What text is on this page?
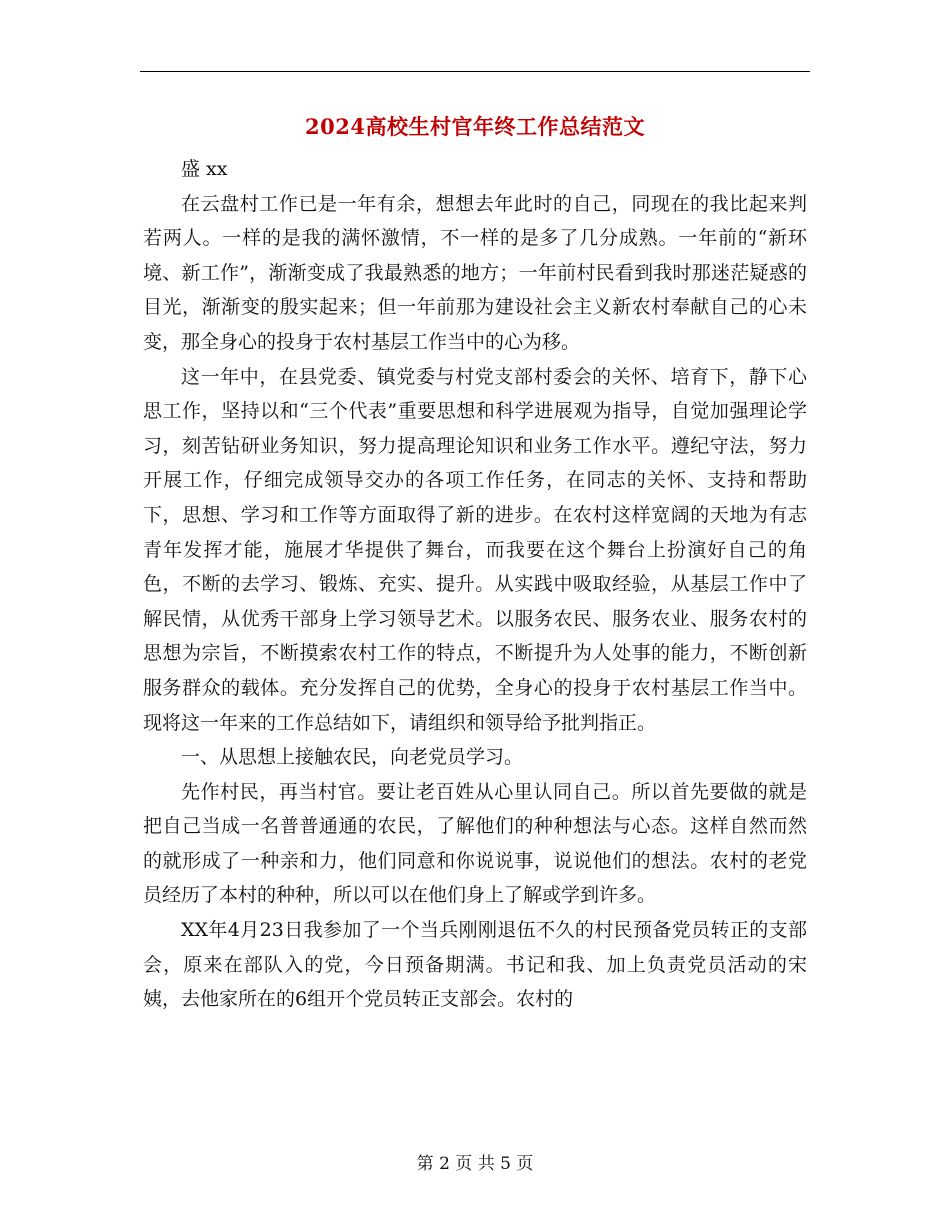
2024高校生村官年终工作总结范文

盛 xx

在云盘村工作已是一年有余，想想去年此时的自己，同现在的我比起来判若两人。一样的是我的满怀激情，不一样的是多了几分成熟。一年前的“新环境、新工作”，渐渐变成了我最熟悉的地方；一年前村民看到我时那迷茫疑惑的目光，渐渐变的殷实起来；但一年前那为建设社会主义新农村奉献自己的心未变，那全身心的投身于农村基层工作当中的心为移。

这一年中，在县党委、镇党委与村党支部村委会的关怀、培育下，静下心思工作，坚持以和“三个代表”重要思想和科学进展观为指导，自觉加强理论学习，刻苦钻研业务知识，努力提高理论知识和业务工作水平。遵纪守法，努力开展工作，仔细完成领导交办的各项工作任务，在同志的关怀、支持和帮助下，思想、学习和工作等方面取得了新的进步。在农村这样宽阔的天地为有志青年发挥才能，施展才华提供了舞台，而我要在这个舞台上扮演好自己的角色，不断的去学习、锻炼、充实、提升。从实践中吸取经验，从基层工作中了解民情，从优秀干部身上学习领导艺术。以服务农民、服务农业、服务农村的思想为宗旨，不断摸索农村工作的特点，不断提升为人处事的能力，不断创新服务群众的载体。充分发挥自己的优势，全身心的投身于农村基层工作当中。现将这一年来的工作总结如下，请组织和领导给予批判指正。

一、从思想上接触农民，向老党员学习。

先作村民，再当村官。要让老百姓从心里认同自己。所以首先要做的就是把自己当成一名普普通通的农民，了解他们的种种想法与心态。这样自然而然的就形成了一种亲和力，他们同意和你说说事，说说他们的想法。农村的老党员经历了本村的种种，所以可以在他们身上了解或学到许多。

XX年4月23日我参加了一个当兵刚刚退伍不久的村民预备党员转正的支部会，原来在部队入的党，今日预备期满。书记和我、加上负责党员活动的宋姨，去他家所在的6组开个党员转正支部会。农村的

第 2 页 共 5 页
